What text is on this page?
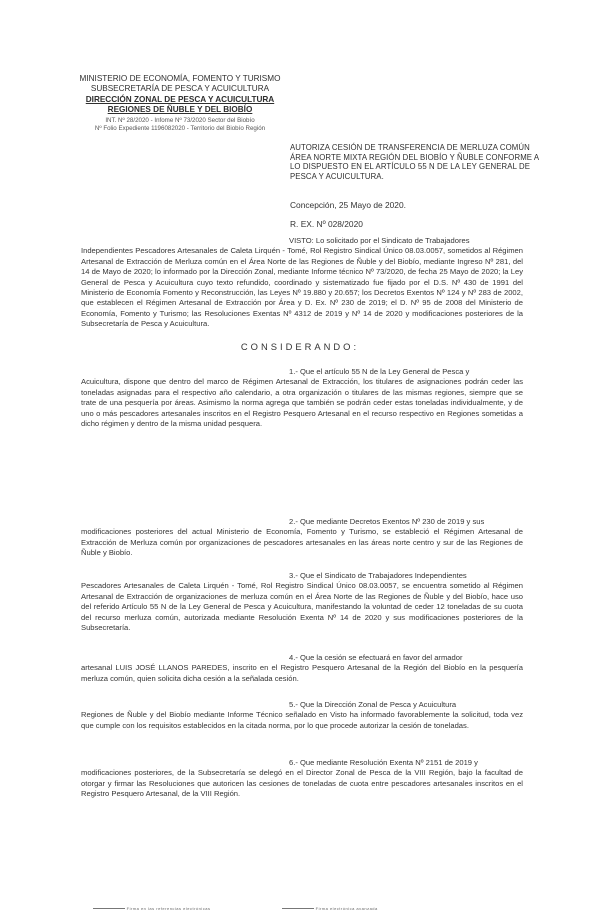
MINISTERIO DE ECONOMÍA, FOMENTO Y TURISMO
SUBSECRETARÍA DE PESCA Y ACUICULTURA
DIRECCIÓN ZONAL DE PESCA Y ACUICULTURA
REGIONES DE ÑUBLE Y DEL BIOBÍO
INT. Nº 28/2020 - Infome Nº 73/2020 Sector del Biobío
Nº Folio Expediente 1196082020 - Territorio del Biobío Región
AUTORIZA CESIÓN DE TRANSFERENCIA DE MERLUZA COMÚN ÁREA NORTE MIXTA REGIÓN DEL BIOBÍO Y ÑUBLE CONFORME A LO DISPUESTO EN EL ARTÍCULO 55 N DE LA LEY GENERAL DE PESCA Y ACUICULTURA.
Concepción, 25 Mayo de 2020.
R. EX. Nº 028/2020
VISTO: Lo solicitado por el Sindicato de Trabajadores
Independientes Pescadores Artesanales de Caleta Lirquén - Tomé, Rol Registro Sindical Único 08.03.0057, sometidos al Régimen Artesanal de Extracción de Merluza común en el Área Norte de las Regiones de Ñuble y del Biobío, mediante Ingreso Nº 281, del 14 de Mayo de 2020; lo informado por la Dirección Zonal, mediante Informe técnico Nº 73/2020, de fecha 25 Mayo de 2020; la Ley General de Pesca y Acuicultura cuyo texto refundido, coordinado y sistematizado fue fijado por el D.S. Nº 430 de 1991 del Ministerio de Economía Fomento y Reconstrucción, las Leyes Nº 19.880 y 20.657; los Decretos Exentos Nº 124 y Nº 283 de 2002, que establecen el Régimen Artesanal de Extracción por Área y D. Ex. Nº 230 de 2019; el D. Nº 95 de 2008 del Ministerio de Economía, Fomento y Turismo; las Resoluciones Exentas Nº 4312 de 2019 y Nº 14 de 2020 y modificaciones posteriores de la Subsecretaría de Pesca y Acuicultura.
CONSIDERANDO:
1.- Que el artículo 55 N de la Ley General de Pesca y
Acuicultura, dispone que dentro del marco de Régimen Artesanal de Extracción, los titulares de asignaciones podrán ceder las toneladas asignadas para el respectivo año calendario, a otra organización o titulares de las mismas regiones, siempre que se trate de una pesquería por áreas. Asimismo la norma agrega que también se podrán ceder estas toneladas individualmente, y de uno o más pescadores artesanales inscritos en el Registro Pesquero Artesanal en el recurso respectivo en Regiones sometidas a dicho régimen y dentro de la misma unidad pesquera.
2.- Que mediante Decretos Exentos Nº 230 de 2019 y sus
modificaciones posteriores del actual Ministerio de Economía, Fomento y Turismo, se estableció el Régimen Artesanal de Extracción de Merluza común por organizaciones de pescadores artesanales en las áreas norte centro y sur de las Regiones de Ñuble y Biobío.
3.- Que el Sindicato de Trabajadores Independientes
Pescadores Artesanales de Caleta Lirquén - Tomé, Rol Registro Sindical Único 08.03.0057, se encuentra sometido al Régimen Artesanal de Extracción de organizaciones de merluza común en el Área Norte de las Regiones de Ñuble y del Biobío, hace uso del referido Artículo 55 N de la Ley General de Pesca y Acuicultura, manifestando la voluntad de ceder 12 toneladas de su cuota del recurso merluza común, autorizada mediante Resolución Exenta Nº 14 de 2020 y sus modificaciones posteriores de la Subsecretaría.
4.- Que la cesión se efectuará en favor del armador
artesanal LUIS JOSÉ LLANOS PAREDES, inscrito en el Registro Pesquero Artesanal de la Región del Biobío en la pesquería merluza común, quien solicita dicha cesión a la señalada cesión.
5.- Que la Dirección Zonal de Pesca y Acuicultura
Regiones de Ñuble y del Biobío mediante Informe Técnico señalado en Visto ha informado favorablemente la solicitud, toda vez que cumple con los requisitos establecidos en la citada norma, por lo que procede autorizar la cesión de toneladas.
6.- Que mediante Resolución Exenta Nº 2151 de 2019 y
modificaciones posteriores, de la Subsecretaría se delegó en el Director Zonal de Pesca de la VIII Región, bajo la facultad de otorgar y firmar las Resoluciones que autoricen las cesiones de toneladas de cuota entre pescadores artesanales inscritos en el Registro Pesquero Artesanal, de la VIII Región.
Firma en las referencias electrónicas	Firma electrónica avanzada
